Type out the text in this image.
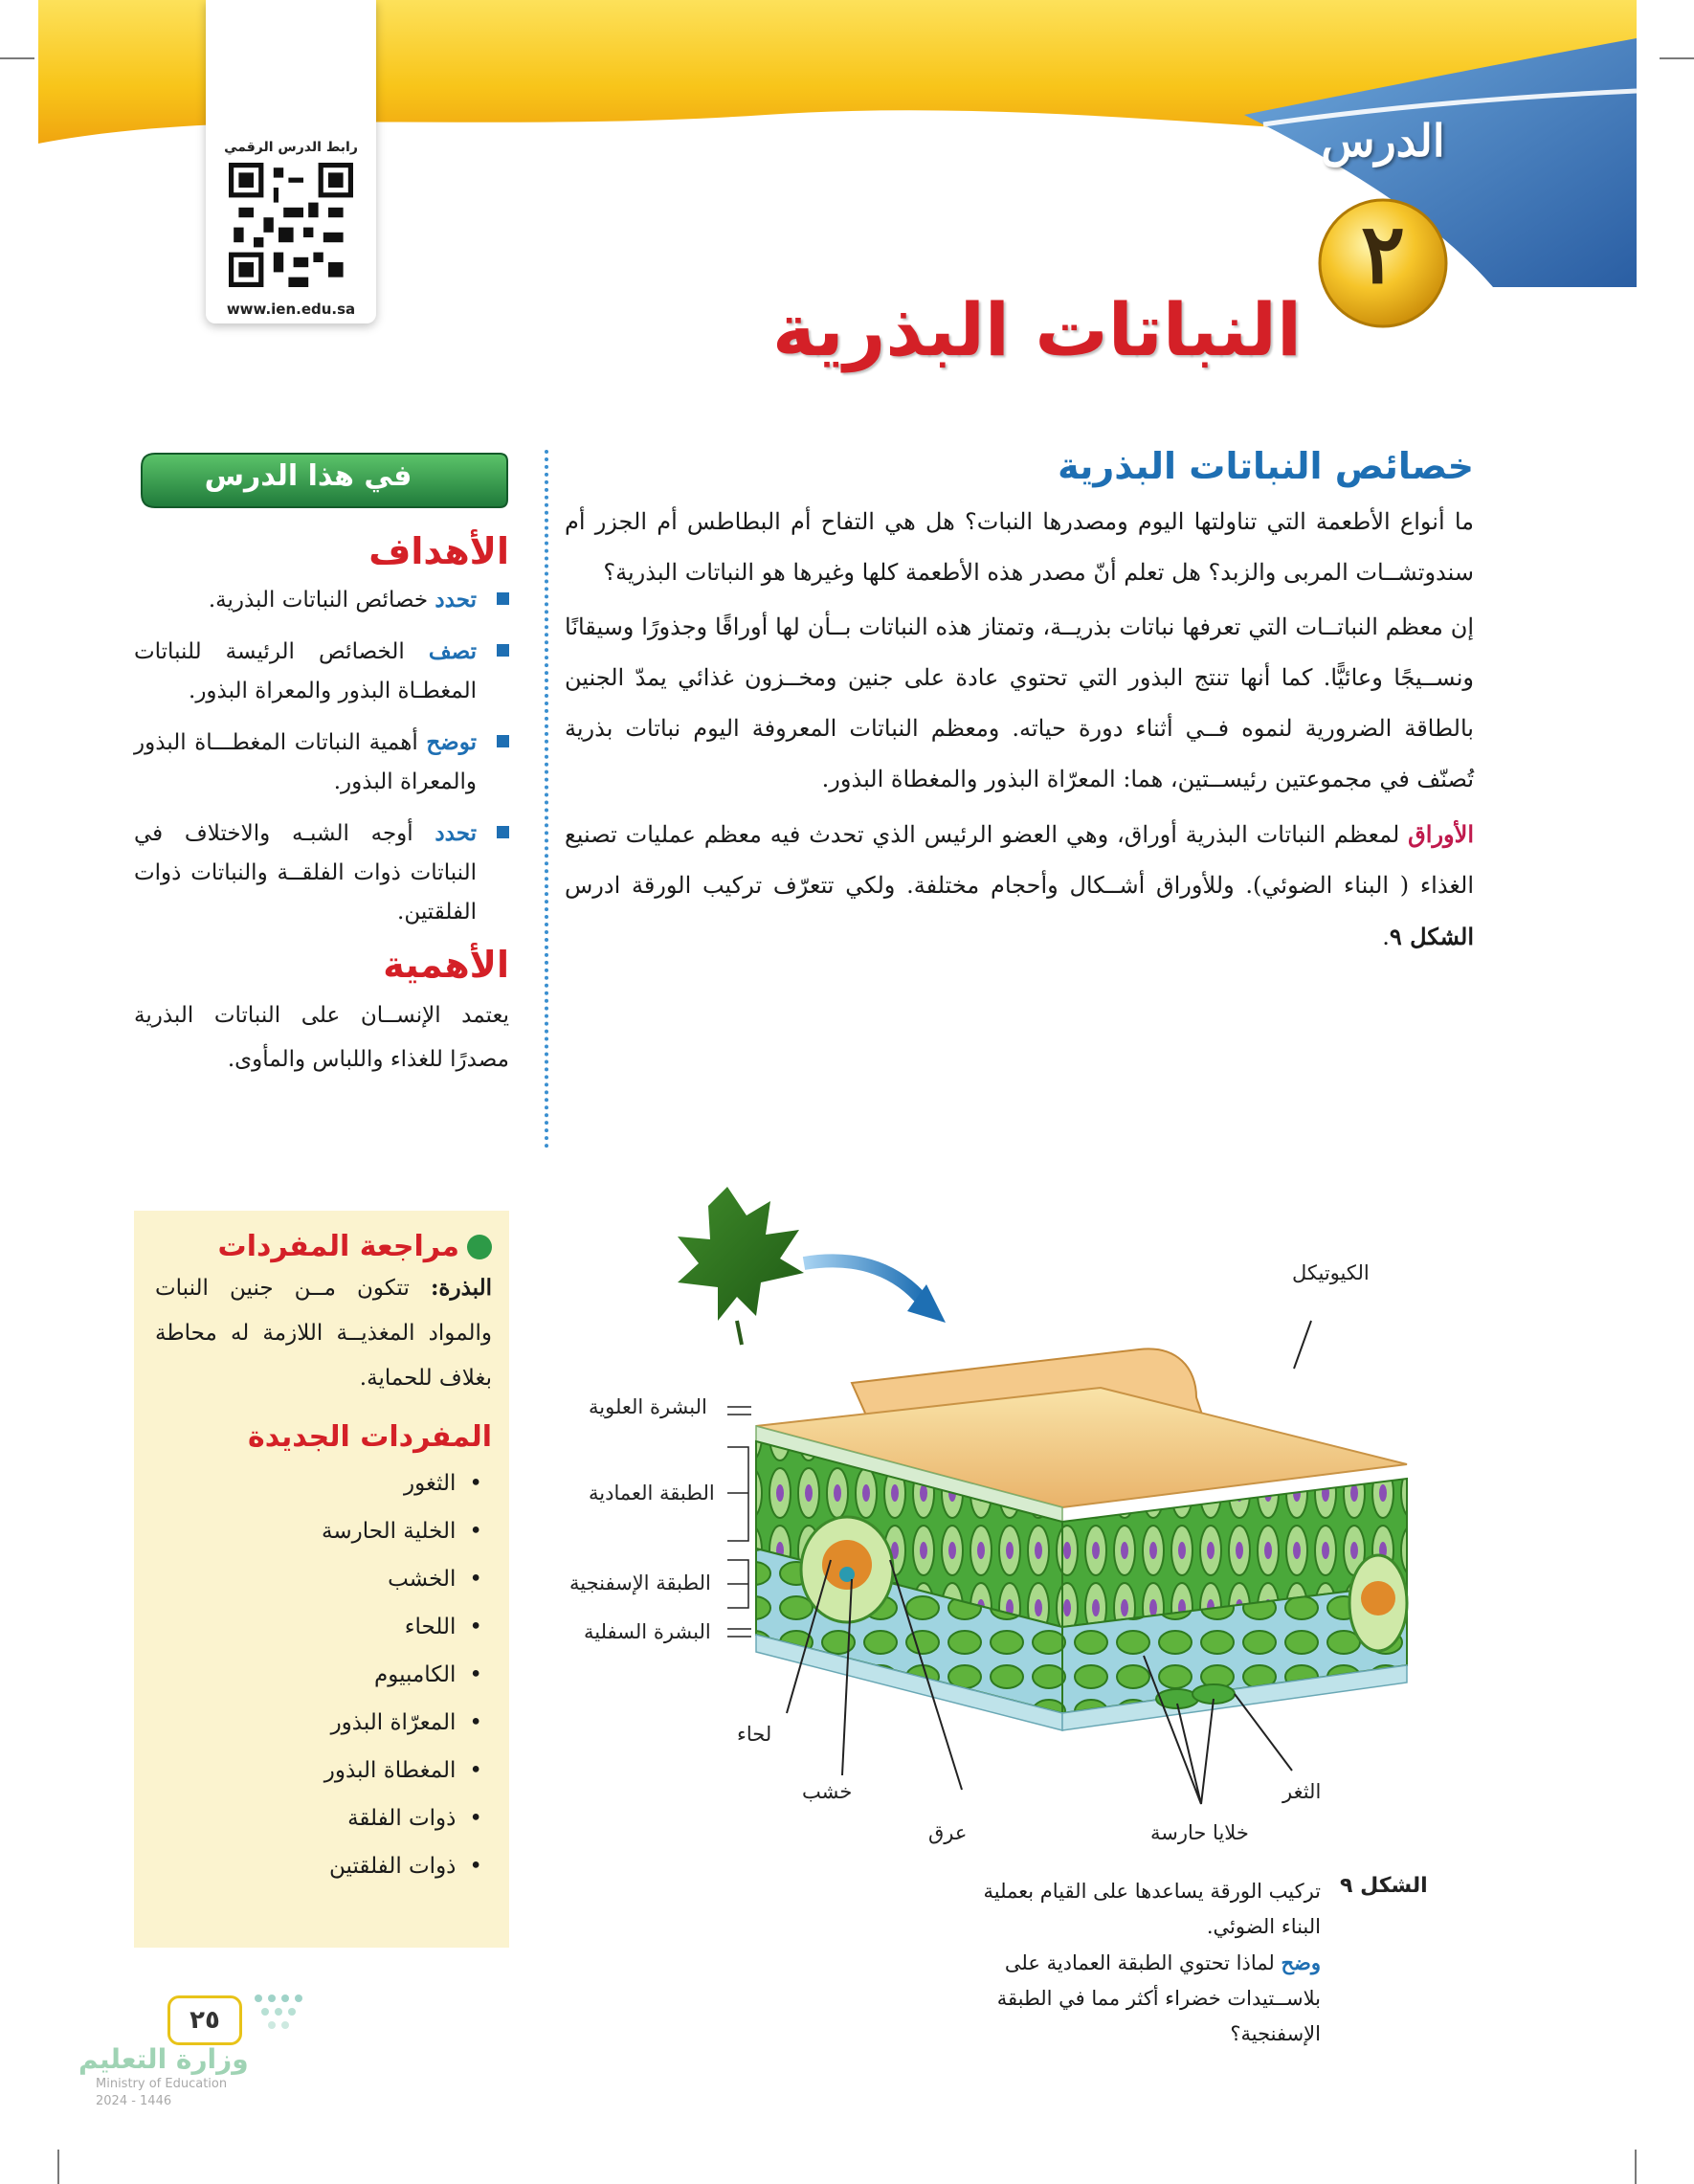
رابط الدرس الرقمي
www.ien.edu.sa
الدرس
٢
النباتات البذرية
خصائص النباتات البذرية

ما أنواع الأطعمة التي تناولتها اليوم ومصدرها النبات؟ هل هي التفاح أم البطاطس أم الجزر أم سندوتشــات المربى والزبد؟ هل تعلم أنّ مصدر هذه الأطعمة كلها وغيرها هو النباتات البذرية؟

إن معظم النباتــات التي تعرفها نباتات بذريــة، وتمتاز هذه النباتات بــأن لها أوراقًا وجذورًا وسيقانًا ونســيجًا وعائيًّا. كما أنها تنتج البذور التي تحتوي عادة على جنين ومخــزون غذائي يمدّ الجنين بالطاقة الضرورية لنموه فــي أثناء دورة حياته. ومعظم النباتات المعروفة اليوم نباتات بذرية تُصنّف في مجموعتين رئيســتين، هما: المعرّاة البذور والمغطاة البذور.

الأوراق لمعظم النباتات البذرية أوراق، وهي العضو الرئيس الذي تحدث فيه معظم عمليات تصنيع الغذاء ( البناء الضوئي). وللأوراق أشــكال وأحجام مختلفة. ولكي تتعرّف تركيب الورقة ادرس الشكل ٩.

في هذا الدرس
الأهداف

تحدد خصائص النباتات البذرية.

تصف الخصائص الرئيسة للنباتات المغطـاة البذور والمعراة البذور.

توضح أهمية النباتات المغطـــاة البذور والمعراة البذور.

تحدد أوجه الشبـه والاختلاف في النباتات ذوات الفلقــة والنباتات ذوات الفلقتين.

الأهمية

يعتمد الإنســان على النباتات البذرية مصدرًا للغذاء واللباس والمأوى.

مراجعة المفردات

البذرة: تتكون مــن جنين النبات والمواد المغذيــة اللازمة له محاطة بغلاف للحماية.

المفردات الجديدة
• الثغور
• الخلية الحارسة
• الخشب
• اللحاء
• الكامبيوم
• المعرّاة البذور
• المغطاة البذور
• ذوات الفلقة
• ذوات الفلقتين
الكيوتيكل
البشرة العلوية
الطبقة العمادية
الطبقة الإسفنجية
البشرة السفلية
لحاء
خشب
عرق	خلايا حارسة
الثغر
الشكل ٩
تركيب الورقة يساعدها على القيام بعملية البناء الضوئي.
وضح لماذا تحتوي الطبقة العمادية على بلاســتيدات خضراء أكثر مما في الطبقة الإسفنجية؟
٢٥
وزارة التعليم
Ministry of Education
2024 - 1446
